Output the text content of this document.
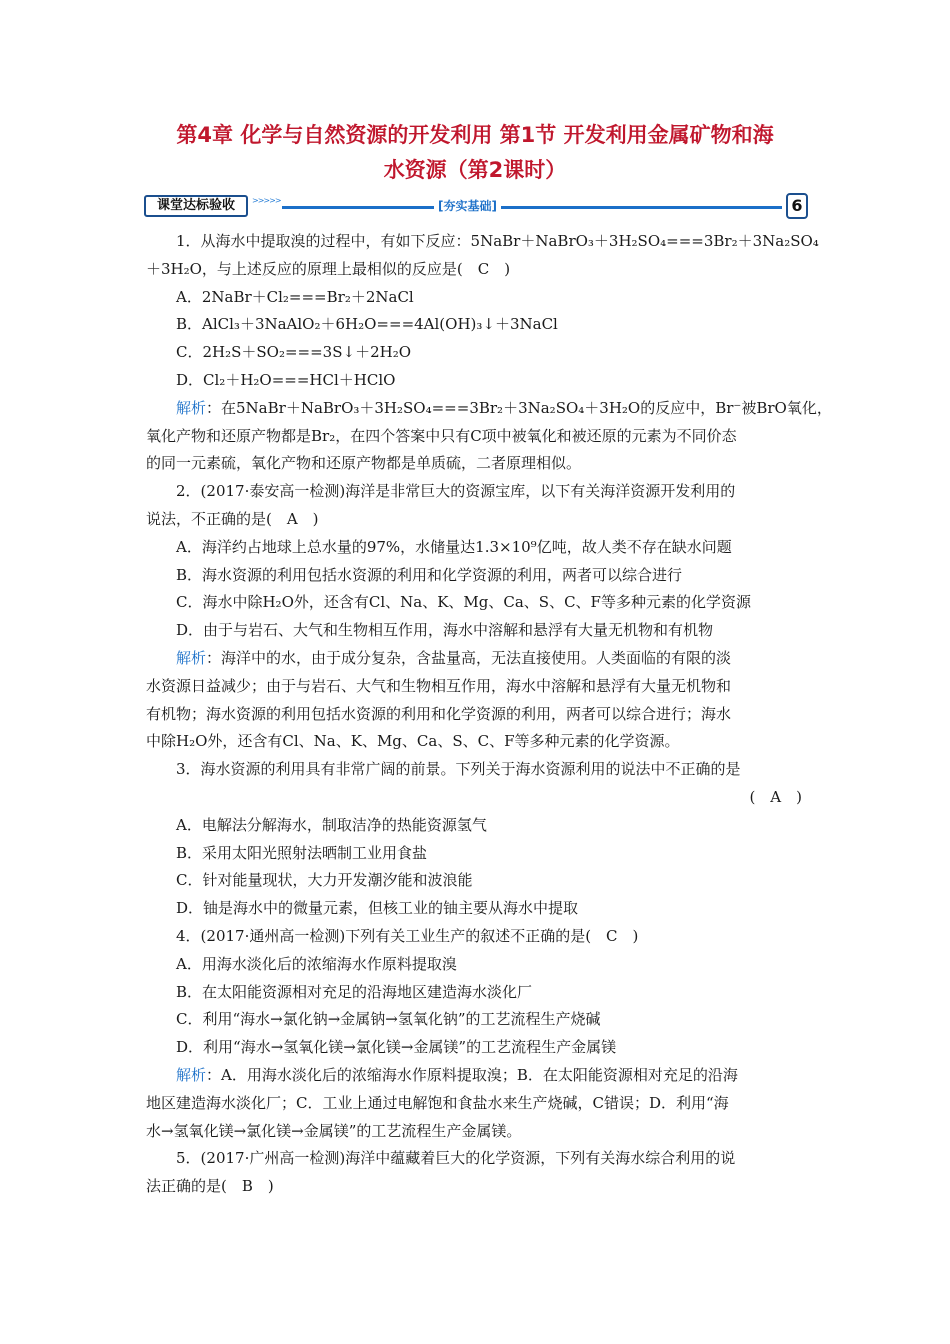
第4章 化学与自然资源的开发利用 第1节 开发利用金属矿物和海
水资源（第2课时）
课堂达标验收	>>>>>	[夯实基础]	6
1．从海水中提取溴的过程中，有如下反应：5NaBr＋NaBrO₃＋3H₂SO₄===3Br₂＋3Na₂SO₄
＋3H₂O，与上述反应的原理上最相似的反应是(　C　)
A．2NaBr＋Cl₂===Br₂＋2NaCl
B．AlCl₃＋3NaAlO₂＋6H₂O===4Al(OH)₃↓＋3NaCl
C．2H₂S＋SO₂===3S↓＋2H₂O
D．Cl₂＋H₂O===HCl＋HClO
解析：在5NaBr＋NaBrO₃＋3H₂SO₄===3Br₂＋3Na₂SO₄＋3H₂O的反应中，Br⁻被BrO氧化，
氧化产物和还原产物都是Br₂，在四个答案中只有C项中被氧化和被还原的元素为不同价态
的同一元素硫，氧化产物和还原产物都是单质硫，二者原理相似。
2．(2017·泰安高一检测)海洋是非常巨大的资源宝库，以下有关海洋资源开发利用的
说法，不正确的是(　A　)
A．海洋约占地球上总水量的97%，水储量达1.3×10⁹亿吨，故人类不存在缺水问题
B．海水资源的利用包括水资源的利用和化学资源的利用，两者可以综合进行
C．海水中除H₂O外，还含有Cl、Na、K、Mg、Ca、S、C、F等多种元素的化学资源
D．由于与岩石、大气和生物相互作用，海水中溶解和悬浮有大量无机物和有机物
解析：海洋中的水，由于成分复杂，含盐量高，无法直接使用。人类面临的有限的淡
水资源日益减少；由于与岩石、大气和生物相互作用，海水中溶解和悬浮有大量无机物和
有机物；海水资源的利用包括水资源的利用和化学资源的利用，两者可以综合进行；海水
中除H₂O外，还含有Cl、Na、K、Mg、Ca、S、C、F等多种元素的化学资源。
3．海水资源的利用具有非常广阔的前景。下列关于海水资源利用的说法中不正确的是
(　A　)
A．电解法分解海水，制取洁净的热能资源氢气
B．采用太阳光照射法晒制工业用食盐
C．针对能量现状，大力开发潮汐能和波浪能
D．铀是海水中的微量元素，但核工业的铀主要从海水中提取
4．(2017·通州高一检测)下列有关工业生产的叙述不正确的是(　C　)
A．用海水淡化后的浓缩海水作原料提取溴
B．在太阳能资源相对充足的沿海地区建造海水淡化厂
C．利用“海水→氯化钠→金属钠→氢氧化钠”的工艺流程生产烧碱
D．利用“海水→氢氧化镁→氯化镁→金属镁”的工艺流程生产金属镁
解析：A．用海水淡化后的浓缩海水作原料提取溴；B．在太阳能资源相对充足的沿海
地区建造海水淡化厂；C．工业上通过电解饱和食盐水来生产烧碱，C错误；D．利用“海
水→氢氧化镁→氯化镁→金属镁”的工艺流程生产金属镁。
5．(2017·广州高一检测)海洋中蕴藏着巨大的化学资源，下列有关海水综合利用的说
法正确的是(　B　)
